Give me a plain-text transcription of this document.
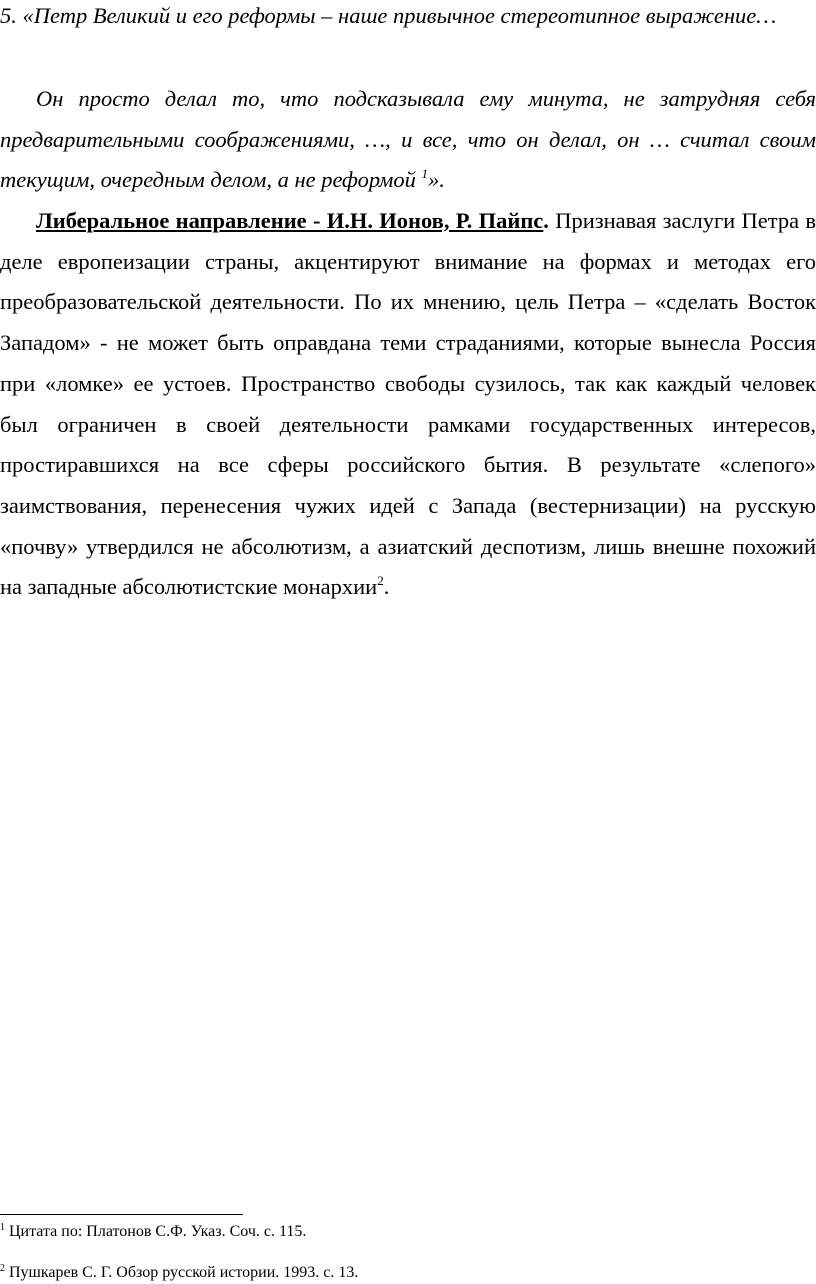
5. «Петр Великий и его реформы – наше привычное стереотипное выражение…

Он просто делал то, что подсказывала ему минута, не затрудняя себя предварительными соображениями, …, и все, что он делал, он … считал своим текущим, очередным делом, а не реформой $^1$».

Либеральное направление - И.Н. Ионов, Р. Пайпс. Признавая заслуги Петра в деле европеизации страны, акцентируют внимание на формах и методах его преобразовательской деятельности. По их мнению, цель Петра – «сделать Восток Западом» - не может быть оправдана теми страданиями, которые вынесла Россия при «ломке» ее устоев. Пространство свободы сузилось, так как каждый человек был ограничен в своей деятельности рамками государственных интересов, простиравшихся на все сферы российского бытия. В результате «слепого» заимствования, перенесения чужих идей с Запада (вестернизации) на русскую «почву» утвердился не абсолютизм, а азиатский деспотизм, лишь внешне похожий на западные абсолютистские монархии$^2$.

$^1$ Цитата по: Платонов С.Ф. Указ. Соч. с. 115.

$^2$ Пушкарев С. Г. Обзор русской истории. 1993. с. 13.
